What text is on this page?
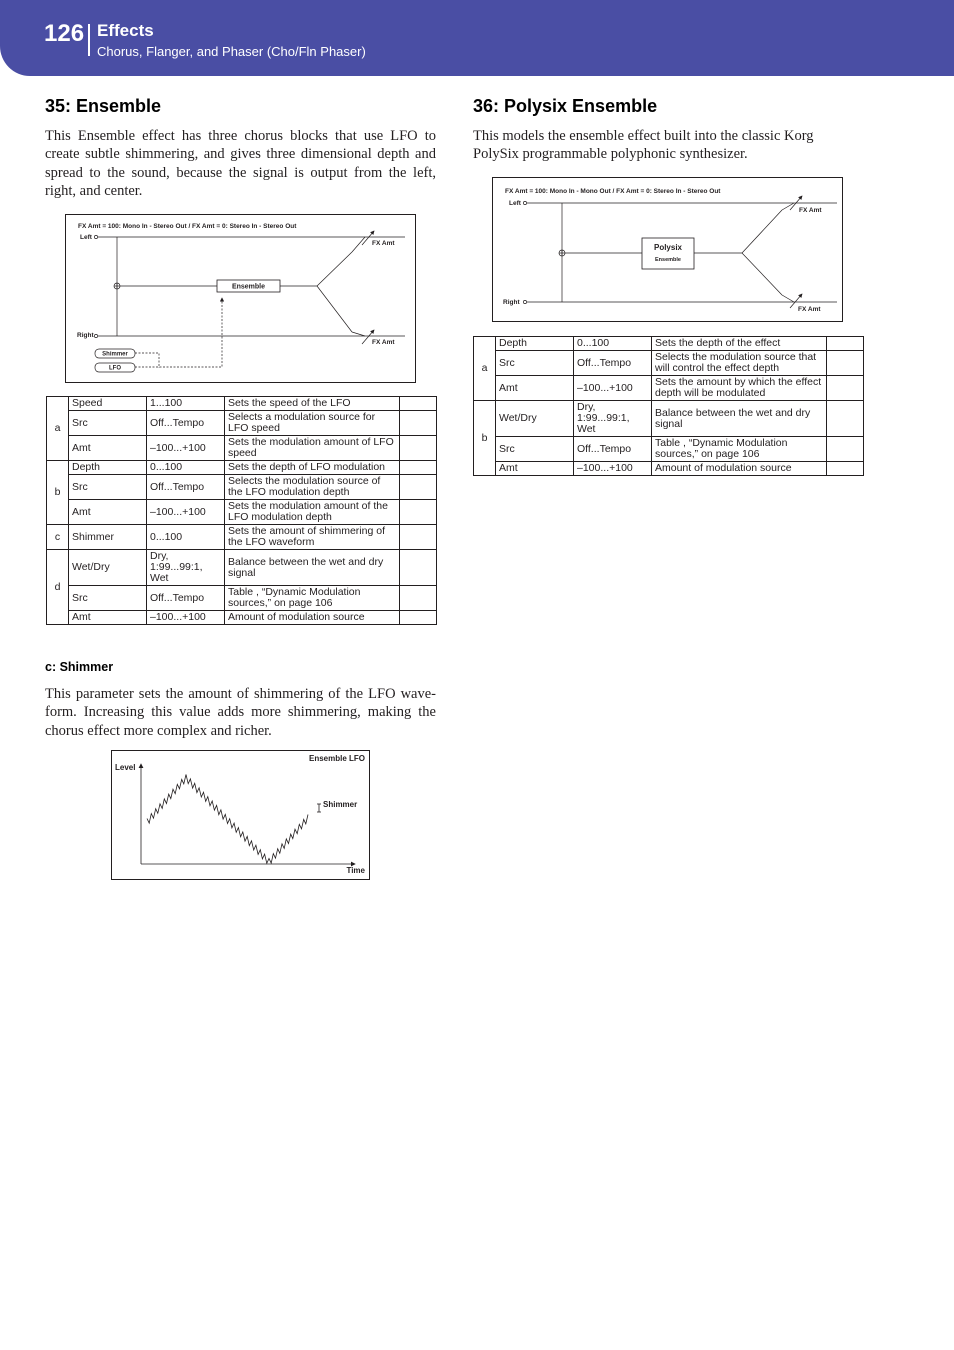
126 Effects
Chorus, Flanger, and Phaser (Cho/Fln Phaser)
35: Ensemble

This Ensemble effect has three chorus blocks that use LFO to create subtle shimmering, and gives three dimensional depth and spread to the sound, because the signal is output from the left, right, and center.

FX Amt = 100: Mono In - Stereo Out / FX Amt = 0: Stereo In - Stereo Out
Left
Ensemble
FX Amt
Right
FX Amt
Shimmer
LFO
a	Speed	1...100	Sets the speed of the LFO	
	Src	Off...Tempo	Selects a modulation source for LFO speed	
	Amt	–100...+100	Sets the modulation amount of LFO speed	
b	Depth	0...100	Sets the depth of LFO modulation	
	Src	Off...Tempo	Selects the modulation source of the LFO modulation depth	
	Amt	–100...+100	Sets the modulation amount of the LFO modulation depth	
c	Shimmer	0...100	Sets the amount of shimmering of the LFO waveform	
d	Wet/Dry	Dry, 1:99...99:1, Wet	Balance between the wet and dry signal	
	Src	Off...Tempo	Table , “Dynamic Modulation sources,” on page 106	
	Amt	–100...+100	Amount of modulation source	
c: Shimmer

This parameter sets the amount of shimmering of the LFO wave-form. Increasing this value adds more shimmering, making the chorus effect more complex and richer.

Ensemble LFO
Level
Time
Shimmer
36: Polysix Ensemble

This models the ensemble effect built into the classic Korg PolySix programmable polyphonic synthesizer.

FX Amt = 100: Mono In - Mono Out / FX Amt = 0: Stereo In - Stereo Out
Left
Polysix
Ensemble
FX Amt
Right
FX Amt
a	Depth	0...100	Sets the depth of the effect	
	Src	Off...Tempo	Selects the modulation source that will control the effect depth	
	Amt	–100...+100	Sets the amount by which the effect depth will be modulated	
b	Wet/Dry	Dry, 1:99...99:1, Wet	Balance between the wet and dry signal	
	Src	Off...Tempo	Table , “Dynamic Modulation sources,” on page 106	
	Amt	–100...+100	Amount of modulation source	
